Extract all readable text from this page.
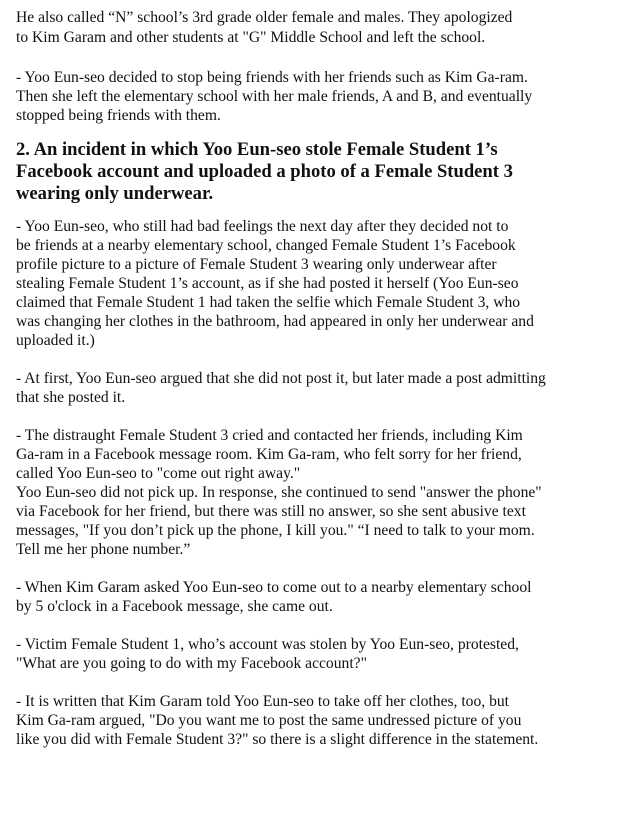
He also called “N” school’s 3rd grade older female and males. They apologized

to Kim Garam and other students at "G" Middle School and left the school.

- Yoo Eun-seo decided to stop being friends with her friends such as Kim Ga-ram.

Then she left the elementary school with her male friends, A and B, and eventually

stopped being friends with them.

2. An incident in which Yoo Eun-seo stole Female Student 1’s

Facebook account and uploaded a photo of a Female Student 3

wearing only underwear.

- Yoo Eun-seo, who still had bad feelings the next day after they decided not to

be friends at a nearby elementary school, changed Female Student 1’s Facebook

profile picture to a picture of Female Student 3 wearing only underwear after

stealing Female Student 1’s account, as if she had posted it herself (Yoo Eun-seo

claimed that Female Student 1 had taken the selfie which Female Student 3, who

was changing her clothes in the bathroom, had appeared in only her underwear and

uploaded it.)

- At first, Yoo Eun-seo argued that she did not post it, but later made a post admitting

that she posted it.

- The distraught Female Student 3 cried and contacted her friends, including Kim

Ga-ram in a Facebook message room. Kim Ga-ram, who felt sorry for her friend,

called Yoo Eun-seo to "come out right away."

Yoo Eun-seo did not pick up. In response, she continued to send "answer the phone"

via Facebook for her friend, but there was still no answer, so she sent abusive text

messages, "If you don’t pick up the phone, I kill you." “I need to talk to your mom.

Tell me her phone number.”

- When Kim Garam asked Yoo Eun-seo to come out to a nearby elementary school

by 5 o'clock in a Facebook message, she came out.

- Victim Female Student 1, who’s account was stolen by Yoo Eun-seo, protested,

"What are you going to do with my Facebook account?"

- It is written that Kim Garam told Yoo Eun-seo to take off her clothes, too, but

Kim Ga-ram argued, "Do you want me to post the same undressed picture of you

like you did with Female Student 3?" so there is a slight difference in the statement.
